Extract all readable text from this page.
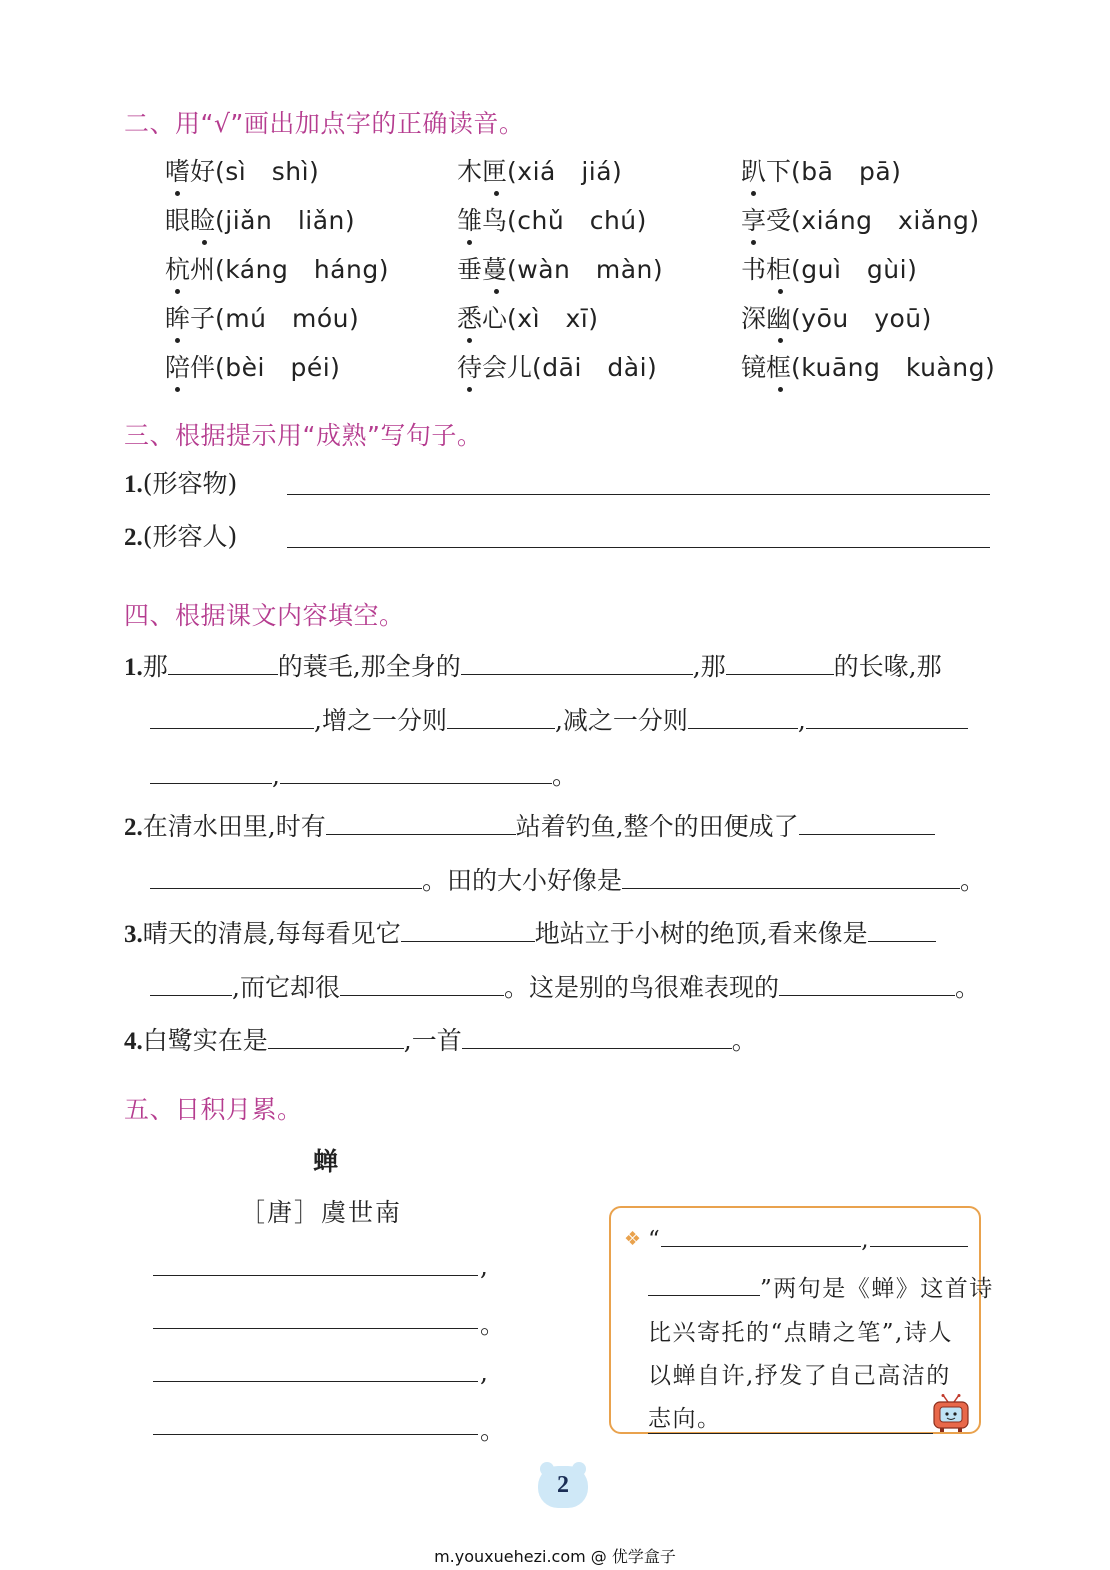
二、用“√”画出加点字的正确读音。
嗜好(sì　shì)	木匣(xiá　jiá)	趴下(bā　pā)
眼睑(jiǎn　liǎn)	雏鸟(chǔ　chú)	享受(xiáng　xiǎng)
杭州(káng　háng)	垂蔓(wàn　màn)	书柜(guì　gùi)
眸子(mú　móu)	悉心(xì　xī)	深幽(yōu　yoū)
陪伴(bèi　péi)	待会儿(dāi　dài)	镜框(kuāng　kuàng)
三、根据提示用“成熟”写句子。
1.(形容物)
2.(形容人)
四、根据课文内容填空。
1.那	的蓑毛,那全身的	,那	的长喙,那
,增之一分则	,减之一分则	,
,	。
2.在清水田里,时有	站着钓鱼,整个的田便成了
。田的大小好像是	。
3.晴天的清晨,每每看见它	地站立于小树的绝顶,看来像是
,而它却很	。这是别的鸟很难表现的	。
4.白鹭实在是	,一首	。
五、日积月累。
蝉
［唐］虞世南
,
。
,
。
❖ “	,
”两句是《蝉》这首诗
比兴寄托的“点睛之笔”,诗人
以蝉自许,抒发了自己高洁的
志向。
2
m.youxuehezi.com @ 优学盒子
